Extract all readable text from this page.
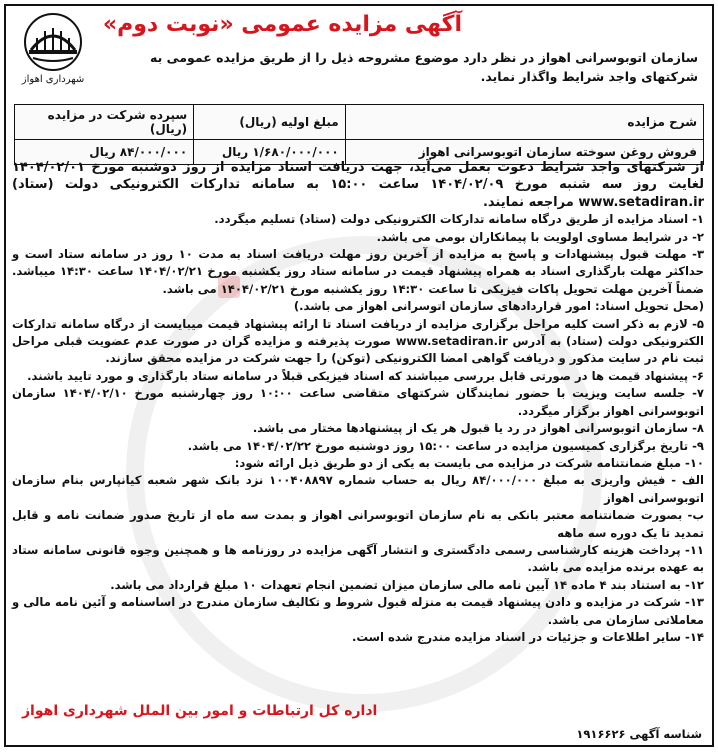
آگهی مزایده عمومی «نوبت دوم»
شهرداری اهواز
سازمان اتوبوسرانی اهواز در نظر دارد موضوع مشروحه ذیل را از طریق مزایده عمومی به شرکتهای واجد شرایط واگذار نماید.
شرح مزایده	مبلغ اولیه (ریال)	سپرده شرکت در مزایده (ریال)
فروش روغن سوخته سازمان اتوبوسرانی اهواز	۱/۶۸۰/۰۰۰/۰۰۰ ریال	۸۴/۰۰۰/۰۰۰ ریال

از شرکتهای واجد شرایط دعوت بعمل می‌آید، جهت دریافت اسناد مزایده از روز دوشنبه مورخ ۱۴۰۴/۰۲/۰۱ لغایت روز سه شنبه مورخ ۱۴۰۴/۰۲/۰۹ ساعت ۱۵:۰۰ به سامانه تدارکات الکترونیکی دولت (ستاد) www.setadiran.ir مراجعه نمایند.

۱- اسناد مزایده از طریق درگاه سامانه تدارکات الکترونیکی دولت (ستاد) تسلیم میگردد.

۲- در شرایط مساوی اولویت با پیمانکاران بومی می باشد.

۳- مهلت قبول پیشنهادات و پاسخ به مزایده از آخرین روز مهلت دریافت اسناد به مدت ۱۰ روز در سامانه ستاد است و حداکثر مهلت بارگذاری اسناد به همراه پیشنهاد قیمت در سامانه ستاد روز یکشنبه مورخ ۱۴۰۴/۰۲/۲۱ ساعت ۱۴:۳۰ میباشد. ضمناً آخرین مهلت تحویل پاکات فیزیکی تا ساعت ۱۴:۳۰ روز یکشنبه مورخ ۱۴۰۴/۰۲/۲۱ می باشد.

(محل تحویل اسناد: امور قراردادهای سازمان اتوسرانی اهواز می باشد.)

۵- لازم به ذکر است کلیه مراحل برگزاری مزایده از دریافت اسناد تا ارائه پیشنهاد قیمت میبایست از درگاه سامانه تدارکات الکترونیکی دولت (ستاد) به آدرس www.setadiran.ir صورت پذیرفته و مزایده گران در صورت عدم عضویت قبلی مراحل ثبت نام در سایت مذکور و دریافت گواهی امضا الکترونیکی (توکن) را جهت شرکت در مزایده محقق سازند.

۶- پیشنهاد قیمت ها در صورتی قابل بررسی میباشند که اسناد فیزیکی قبلاً در سامانه ستاد بارگذاری و مورد تایید باشند.

۷- جلسه سایت ویزیت با حضور نمایندگان شرکتهای متقاضی ساعت ۱۰:۰۰ روز چهارشنبه مورخ ۱۴۰۴/۰۲/۱۰ سازمان اتوبوسرانی اهواز برگزار میگردد.

۸- سازمان اتوبوسرانی اهواز در رد یا قبول هر یک از پیشنهادها مختار می باشد.

۹- تاریخ برگزاری کمیسیون مزایده در ساعت ۱۵:۰۰ روز دوشنبه مورخ ۱۴۰۴/۰۲/۲۲ می باشد.

۱۰- مبلغ ضمانتنامه شرکت در مزایده می بایست به یکی از دو طریق ذیل ارائه شود:

الف - فیش واریزی به مبلغ ۸۴/۰۰۰/۰۰۰ ریال به حساب شماره ۱۰۰۴۰۸۸۹۷ نزد بانک شهر شعبه کیانپارس بنام سازمان اتوبوسرانی اهواز

ب- بصورت ضمانتنامه معتبر بانکی به نام سازمان اتوبوسرانی اهواز و بمدت سه ماه از تاریخ صدور ضمانت نامه و قابل تمدید تا یک دوره سه ماهه

۱۱- پرداخت هزینه کارشناسی رسمی دادگستری و انتشار آگهی مزایده در روزنامه ها و همچنین وجوه قانونی سامانه ستاد به عهده برنده مزایده می باشد.

۱۲- به استناد بند ۴ ماده ۱۴ آیین نامه مالی سازمان میزان تضمین انجام تعهدات ۱۰ مبلغ قرارداد می باشد.

۱۳- شرکت در مزایده و دادن پیشنهاد قیمت به منزله قبول شروط و تکالیف سازمان مندرج در اساسنامه و آئین نامه مالی و معاملاتی سازمان می باشد.

۱۴- سایر اطلاعات و جزئیات در اسناد مزایده مندرج شده است.

اداره کل ارتباطات و امور بین الملل شهرداری اهواز
شناسه آگهی ۱۹۱۶۶۲۶
